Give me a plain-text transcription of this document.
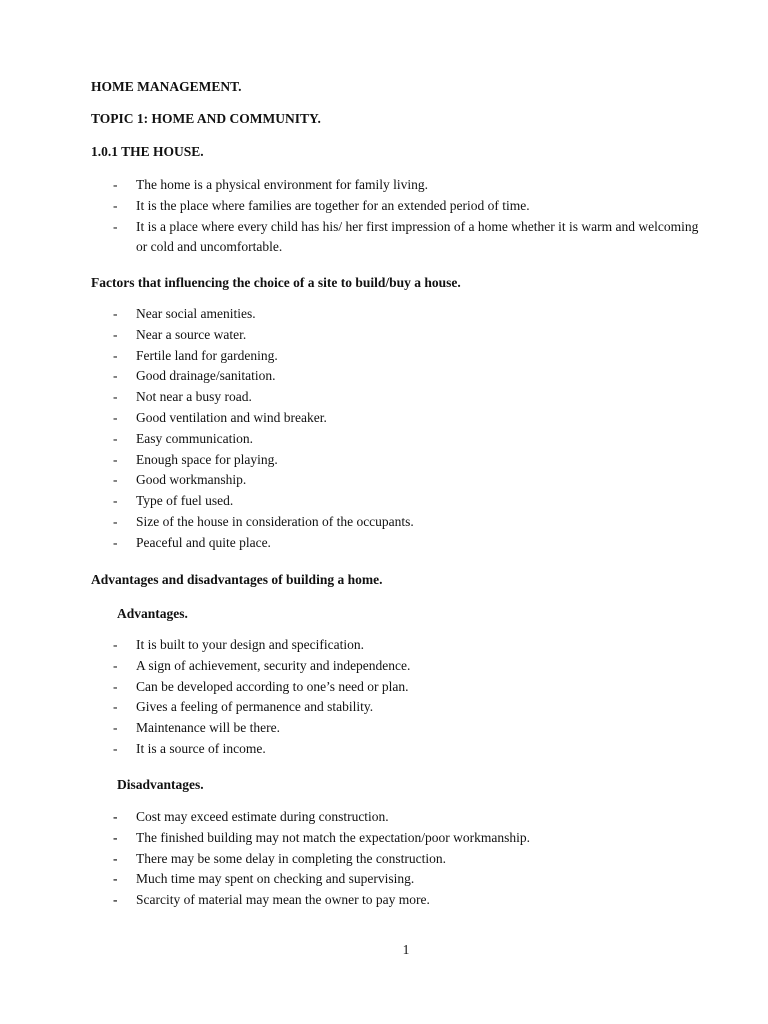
HOME MANAGEMENT.

TOPIC 1: HOME AND COMMUNITY.

1.0.1 THE HOUSE.

- The home is a physical environment for family living.
- It is the place where families are together for an extended period of time.
- It is a place where every child has his/ her first impression of a home whether it is warm and welcoming or cold and uncomfortable.

Factors that influencing the choice of a site to build/buy a house.

- Near social amenities.
- Near a source water.
- Fertile land for gardening.
- Good drainage/sanitation.
- Not near a busy road.
- Good ventilation and wind breaker.
- Easy communication.
- Enough space for playing.
- Good workmanship.
- Type of fuel used.
- Size of the house in consideration of the occupants.
- Peaceful and quite place.

Advantages and disadvantages of building a home.

Advantages.

- It is built to your design and specification.
- A sign of achievement, security and independence.
- Can be developed according to one’s need or plan.
- Gives a feeling of permanence and stability.
- Maintenance will be there.
- It is a source of income.

Disadvantages.

- Cost may exceed estimate during construction.
- The finished building may not match the expectation/poor workmanship.
- There may be some delay in completing the construction.
- Much time may spent on checking and supervising.
- Scarcity of material may mean the owner to pay more.
1
